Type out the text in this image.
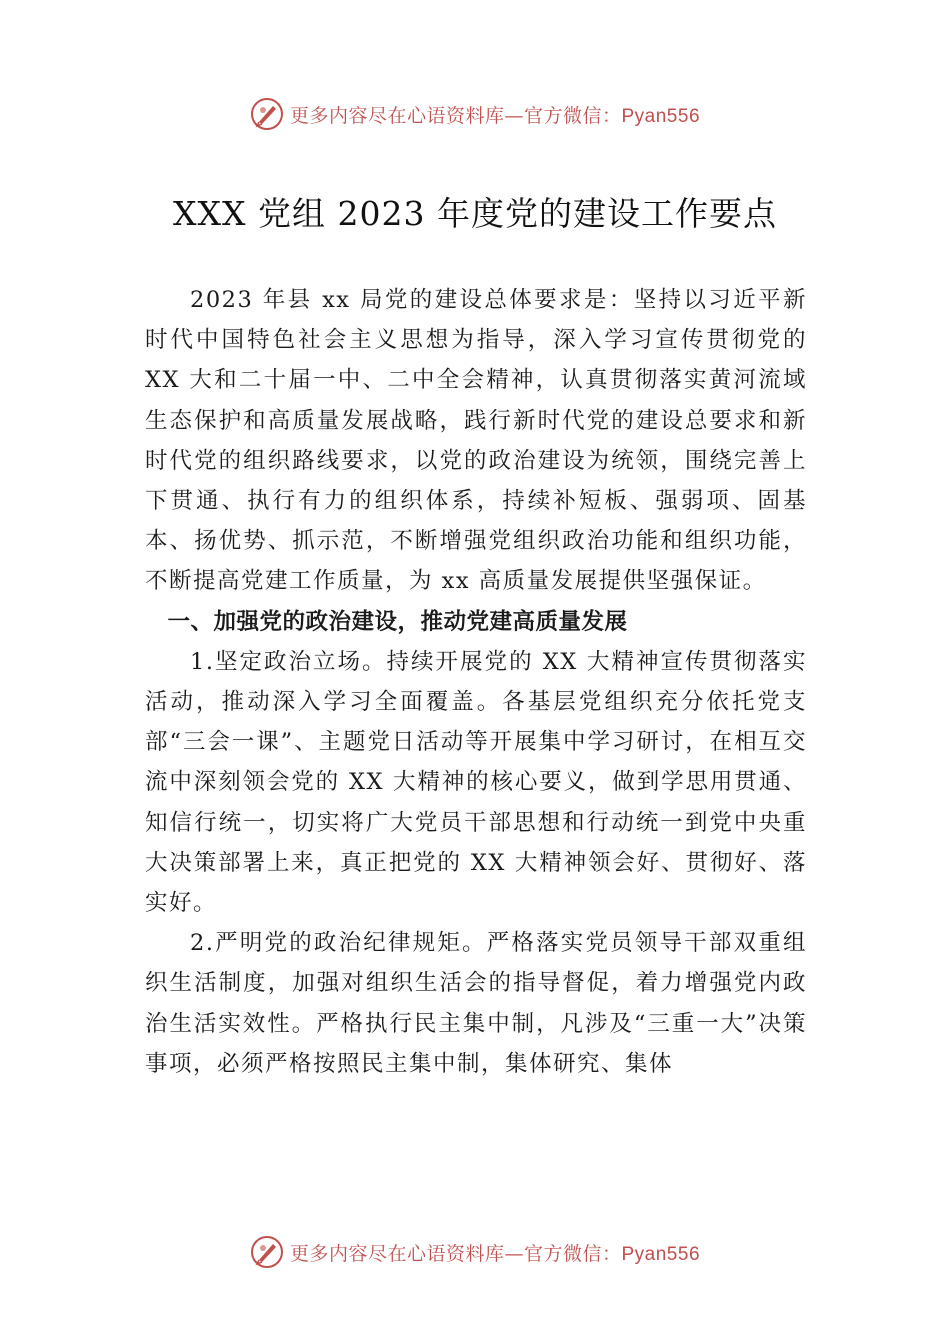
更多内容尽在心语资料库—官方微信：Pyan556
XXX 党组 2023 年度党的建设工作要点

2023 年县 xx 局党的建设总体要求是：坚持以习近平新时代中国特色社会主义思想为指导，深入学习宣传贯彻党的 XX 大和二十届一中、二中全会精神，认真贯彻落实黄河流域生态保护和高质量发展战略，践行新时代党的建设总要求和新时代党的组织路线要求，以党的政治建设为统领，围绕完善上下贯通、执行有力的组织体系，持续补短板、强弱项、固基本、扬优势、抓示范，不断增强党组织政治功能和组织功能，不断提高党建工作质量，为 xx 高质量发展提供坚强保证。

一、加强党的政治建设，推动党建高质量发展

1.坚定政治立场。持续开展党的 XX 大精神宣传贯彻落实活动，推动深入学习全面覆盖。各基层党组织充分依托党支部“三会一课”、主题党日活动等开展集中学习研讨，在相互交流中深刻领会党的 XX 大精神的核心要义，做到学思用贯通、知信行统一，切实将广大党员干部思想和行动统一到党中央重大决策部署上来，真正把党的 XX 大精神领会好、贯彻好、落实好。

2.严明党的政治纪律规矩。严格落实党员领导干部双重组织生活制度，加强对组织生活会的指导督促，着力增强党内政治生活实效性。严格执行民主集中制，凡涉及“三重一大”决策事项，必须严格按照民主集中制，集体研究、集体

更多内容尽在心语资料库—官方微信：Pyan556
